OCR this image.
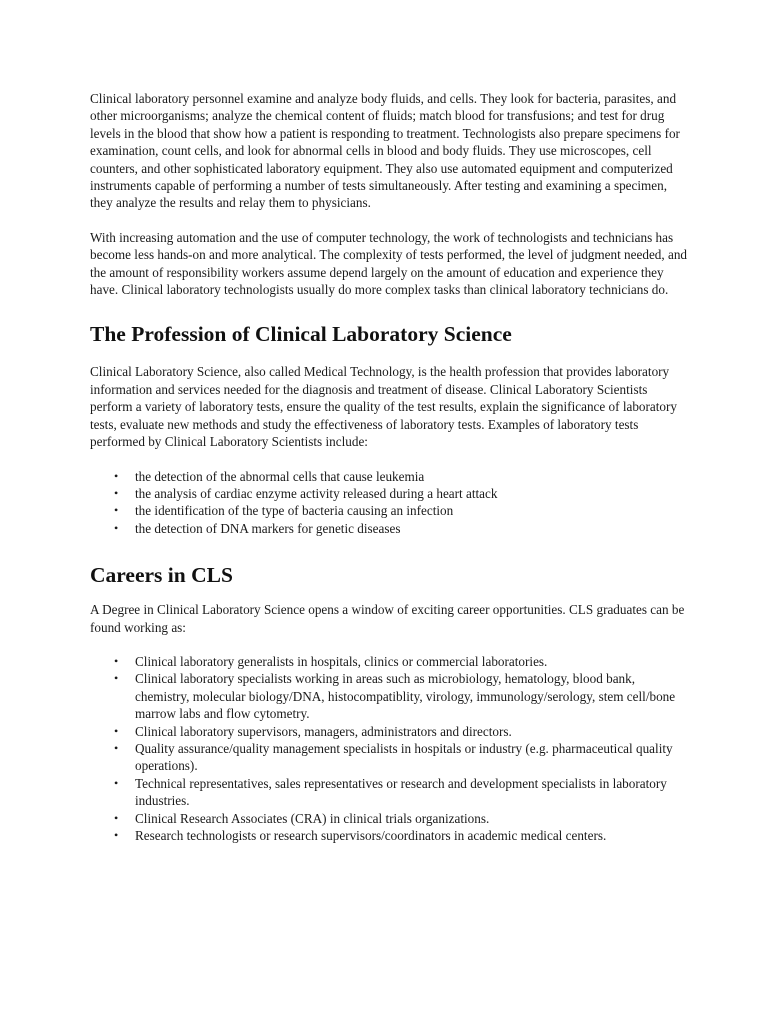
Clinical laboratory personnel examine and analyze body fluids, and cells. They look for bacteria, parasites, and other microorganisms; analyze the chemical content of fluids; match blood for transfusions; and test for drug levels in the blood that show how a patient is responding to treatment. Technologists also prepare specimens for examination, count cells, and look for abnormal cells in blood and body fluids. They use microscopes, cell counters, and other sophisticated laboratory equipment. They also use automated equipment and computerized instruments capable of performing a number of tests simultaneously. After testing and examining a specimen, they analyze the results and relay them to physicians.

With increasing automation and the use of computer technology, the work of technologists and technicians has become less hands-on and more analytical. The complexity of tests performed, the level of judgment needed, and the amount of responsibility workers assume depend largely on the amount of education and experience they have. Clinical laboratory technologists usually do more complex tasks than clinical laboratory technicians do.

The Profession of Clinical Laboratory Science

Clinical Laboratory Science, also called Medical Technology, is the health profession that provides laboratory information and services needed for the diagnosis and treatment of disease. Clinical Laboratory Scientists perform a variety of laboratory tests, ensure the quality of the test results, explain the significance of laboratory tests, evaluate new methods and study the effectiveness of laboratory tests. Examples of laboratory tests performed by Clinical Laboratory Scientists include:

• the detection of the abnormal cells that cause leukemia
• the analysis of cardiac enzyme activity released during a heart attack
• the identification of the type of bacteria causing an infection
• the detection of DNA markers for genetic diseases
Careers in CLS

A Degree in Clinical Laboratory Science opens a window of exciting career opportunities. CLS graduates can be found working as:

• Clinical laboratory generalists in hospitals, clinics or commercial laboratories.
• Clinical laboratory specialists working in areas such as microbiology, hematology, blood bank, chemistry, molecular biology/DNA, histocompatiblity, virology, immunology/serology, stem cell/bone marrow labs and flow cytometry.
• Clinical laboratory supervisors, managers, administrators and directors.
• Quality assurance/quality management specialists in hospitals or industry (e.g. pharmaceutical quality operations).
• Technical representatives, sales representatives or research and development specialists in laboratory industries.
• Clinical Research Associates (CRA) in clinical trials organizations.
• Research technologists or research supervisors/coordinators in academic medical centers.
